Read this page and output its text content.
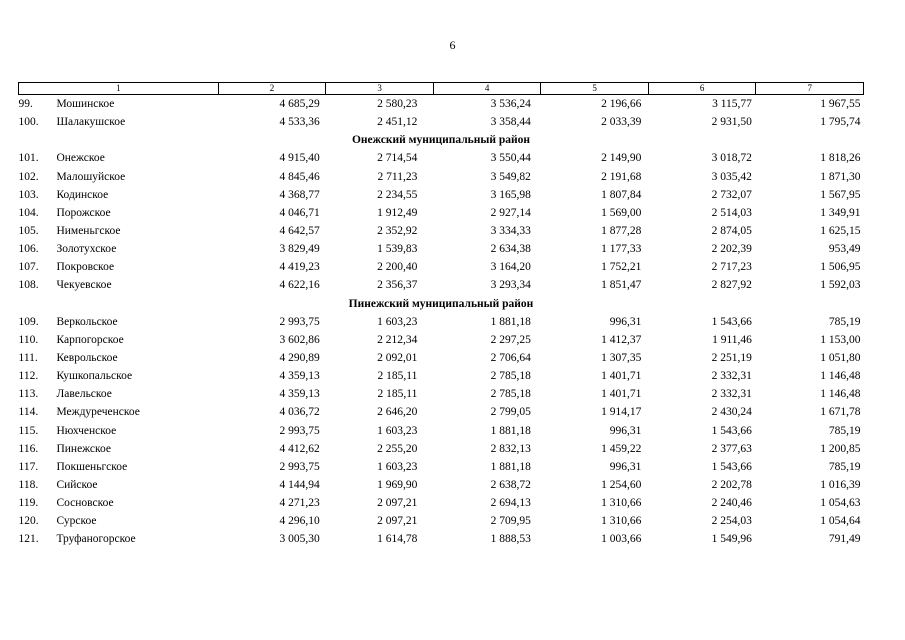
6
1		2	3	4	5	6	7
99.	Мошинское	4 685,29	2 580,23	3 536,24	2 196,66	3 115,77	1 967,55
100.	Шалакушское	4 533,36	2 451,12	3 358,44	2 033,39	2 931,50	1 795,74
Онежский муниципальный район							
101.	Онежское	4 915,40	2 714,54	3 550,44	2 149,90	3 018,72	1 818,26
102.	Малошуйское	4 845,46	2 711,23	3 549,82	2 191,68	3 035,42	1 871,30
103.	Кодинское	4 368,77	2 234,55	3 165,98	1 807,84	2 732,07	1 567,95
104.	Порожское	4 046,71	1 912,49	2 927,14	1 569,00	2 514,03	1 349,91
105.	Нименьгское	4 642,57	2 352,92	3 334,33	1 877,28	2 874,05	1 625,15
106.	Золотухское	3 829,49	1 539,83	2 634,38	1 177,33	2 202,39	953,49
107.	Покровское	4 419,23	2 200,40	3 164,20	1 752,21	2 717,23	1 506,95
108.	Чекуевское	4 622,16	2 356,37	3 293,34	1 851,47	2 827,92	1 592,03
Пинежский муниципальный район							
109.	Веркольское	2 993,75	1 603,23	1 881,18	996,31	1 543,66	785,19
110.	Карпогорское	3 602,86	2 212,34	2 297,25	1 412,37	1 911,46	1 153,00
111.	Кеврольское	4 290,89	2 092,01	2 706,64	1 307,35	2 251,19	1 051,80
112.	Кушкопальское	4 359,13	2 185,11	2 785,18	1 401,71	2 332,31	1 146,48
113.	Лавельское	4 359,13	2 185,11	2 785,18	1 401,71	2 332,31	1 146,48
114.	Междуреченское	4 036,72	2 646,20	2 799,05	1 914,17	2 430,24	1 671,78
115.	Нюхченское	2 993,75	1 603,23	1 881,18	996,31	1 543,66	785,19
116.	Пинежское	4 412,62	2 255,20	2 832,13	1 459,22	2 377,63	1 200,85
117.	Покшеньгское	2 993,75	1 603,23	1 881,18	996,31	1 543,66	785,19
118.	Сийское	4 144,94	1 969,90	2 638,72	1 254,60	2 202,78	1 016,39
119.	Сосновское	4 271,23	2 097,21	2 694,13	1 310,66	2 240,46	1 054,63
120.	Сурское	4 296,10	2 097,21	2 709,95	1 310,66	2 254,03	1 054,64
121.	Труфаногорское	3 005,30	1 614,78	1 888,53	1 003,66	1 549,96	791,49
